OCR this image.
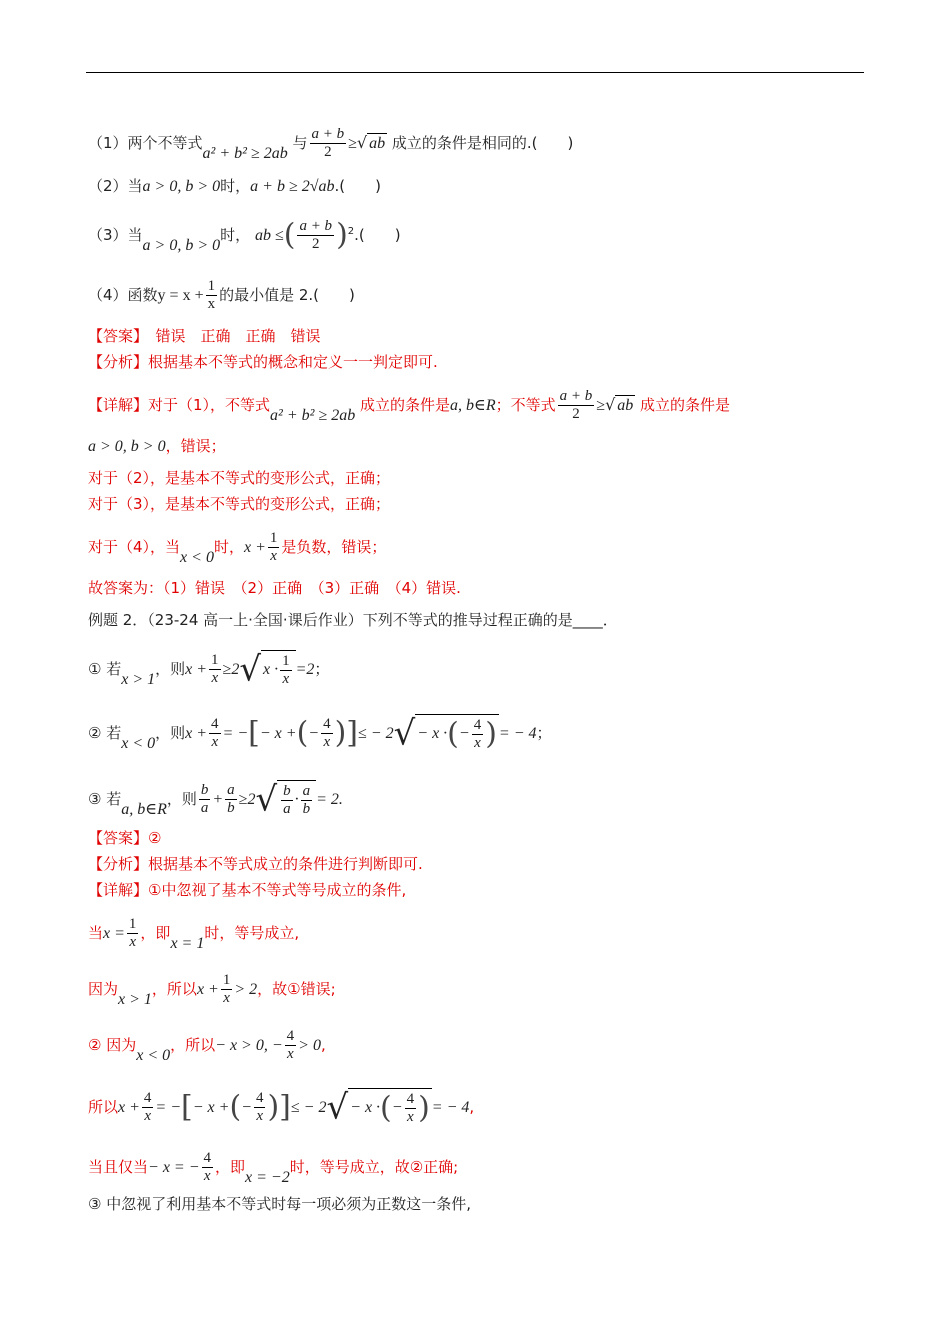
（1）两个不等式a² + b² ≥ 2ab 与 $\frac{a + b}{2}$ ≥√ ab 成立的条件是相同的.(　　)
（2）当a > 0, b > 0时，a + b ≥ 2√ab.(　　)
（3）当a > 0, b > 0时， ab ≤( $\frac{a + b}{2} )^2$.(　　)
（4）函数$y = x + \frac{1}{x}$ 的最小值是 2.(　　)
【答案】　错误　正确　正确　错误
【分析】根据基本不等式的概念和定义一一判定即可.
【详解】对于（1），不等式a² + b² ≥ 2ab 成立的条件是a, b∈R；不等式 $\frac{a + b}{2}$ ≥√ ab 成立的条件是
a > 0, b > 0，错误；
对于（2），是基本不等式的变形公式，正确；
对于（3），是基本不等式的变形公式，正确；
对于（4），当x < 0时，$x + \frac{1}{x}$ 是负数，错误；
故答案为：（1）错误　（2）正确　（3）正确　（4）错误.
例题 2．（23-24 高一上·全国·课后作业）下列不等式的推导过程正确的是____．
① 若x > 1，则$x + \frac{1}{x} \ge 2√$ $x \cdot \frac{1}{x} =2$；
② 若x < 0，则$x + \frac{4}{x}$ = −[− x +(− $\frac{4}{x}$ )]≤ − 2√ − x ·(− $\frac{4}{x}$ ) = − 4；
③ 若a, b∈R，则 $\frac{b}{a} + \frac{a}{b} \ge 2√ \frac{b}{a} \cdot \frac{a}{b} = 2$.
【答案】②
【分析】根据基本不等式成立的条件进行判断即可.
【详解】①中忽视了基本不等式等号成立的条件,
当$x = \frac{1}{x}$ ，即x = 1时，等号成立,
因为x > 1，所以$x + \frac{1}{x} > 2$，故①错误;
② 因为x < 0，所以− x > 0, − $\frac{4}{x} > 0$,
所以$x + \frac{4}{x}$ = −[− x +(− $\frac{4}{x}$ )]≤ − 2√ − x ·(− $\frac{4}{x}$ ) = − 4,
当且仅当− x = − $\frac{4}{x}$ ，即x = −2时，等号成立，故②正确;
③ 中忽视了利用基本不等式时每一项必须为正数这一条件,
